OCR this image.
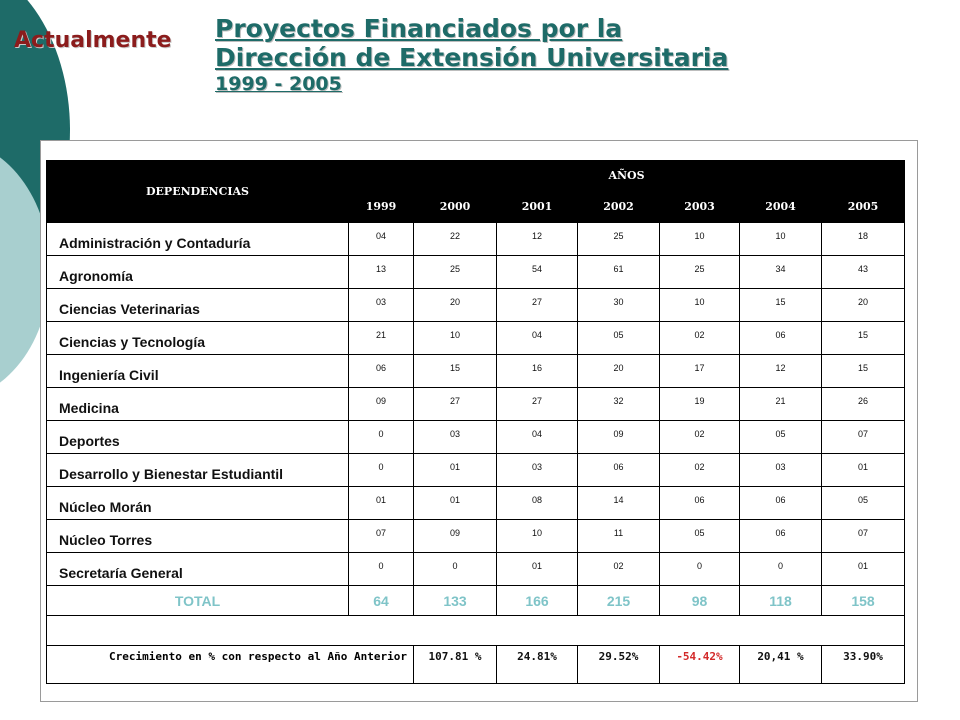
Actualmente Proyectos Financiados por la
Dirección de Extensión Universitaria
1999 - 2005
DEPENDENCIAS	AÑOS						
	1999	2000	2001	2002	2003	2004	2005
Administración y Contaduría	04	22	12	25	10	10	18
Agronomía	13	25	54	61	25	34	43
Ciencias Veterinarias	03	20	27	30	10	15	20
Ciencias y Tecnología	21	10	04	05	02	06	15
Ingeniería Civil	06	15	16	20	17	12	15
Medicina	09	27	27	32	19	21	26
Deportes	0	03	04	09	02	05	07
Desarrollo y Bienestar Estudiantil	0	01	03	06	02	03	01
Núcleo Morán	01	01	08	14	06	06	05
Núcleo Torres	07	09	10	11	05	06	07
Secretaría General	0	0	01	02	0	0	01
TOTAL	64	133	166	215	98	118	158

Crecimiento en % con respecto al Año Anterior		107.81 %	24.81%	29.52%	-54.42%	20,41 %	33.90%
